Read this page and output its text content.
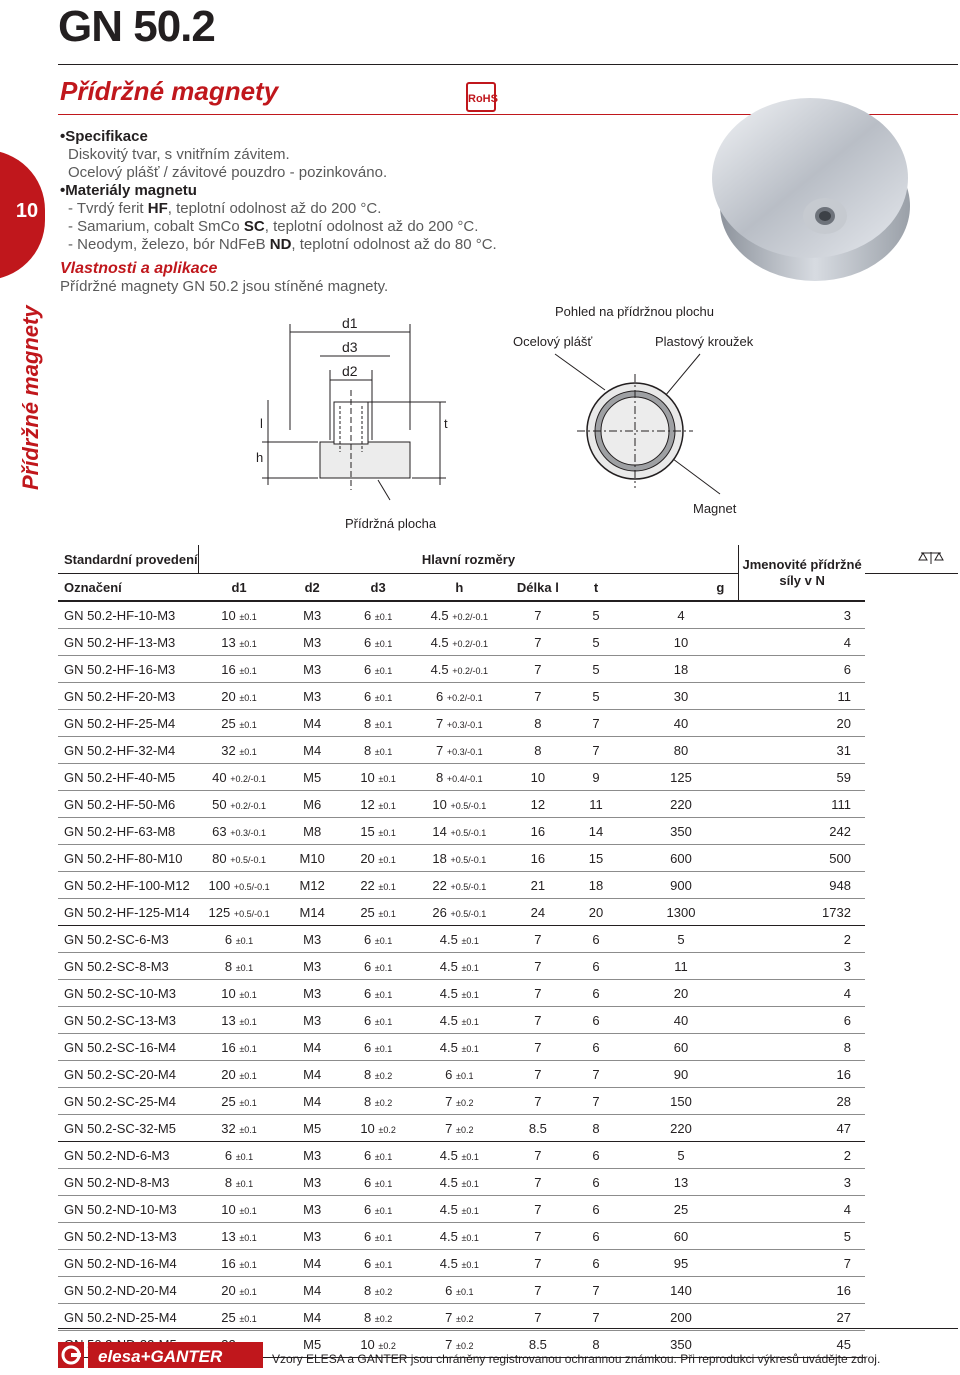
GN 50.2
Přídržné magnety	RoHS
10
Přídržné magnety
•Specifikace
Diskovitý tvar, s vnitřním závitem.
Ocelový plášť / závitové pouzdro - pozinkováno.
•Materiály magnetu
- Tvrdý ferit HF, teplotní odolnost až do 200 °C.
- Samarium, cobalt SmCo SC, teplotní odolnost až do 200 °C.
- Neodym, železo, bór NdFeB ND, teplotní odolnost až do 80 °C.
Vlastnosti a aplikace
Přídržné magnety GN 50.2 jsou stíněné magnety.
d1
d3
d2
h
l	t
Přídržná plocha
Pohled na přídržnou plochu
Ocelový plášť	Plastový kroužek
Magnet
Standardní provedení	Hlavní rozměry							Jmenovité přídržné síly v N	
Označení	d1	d2	d3	h	Délka l	t	g		
GN 50.2-HF-10-M3	10 ±0.1	M3	6 ±0.1	4.5 +0.2/-0.1	7	5	4	3	
GN 50.2-HF-13-M3	13 ±0.1	M3	6 ±0.1	4.5 +0.2/-0.1	7	5	10	4	
GN 50.2-HF-16-M3	16 ±0.1	M3	6 ±0.1	4.5 +0.2/-0.1	7	5	18	6	
GN 50.2-HF-20-M3	20 ±0.1	M3	6 ±0.1	6 +0.2/-0.1	7	5	30	11	
GN 50.2-HF-25-M4	25 ±0.1	M4	8 ±0.1	7 +0.3/-0.1	8	7	40	20	
GN 50.2-HF-32-M4	32 ±0.1	M4	8 ±0.1	7 +0.3/-0.1	8	7	80	31	
GN 50.2-HF-40-M5	40 +0.2/-0.1	M5	10 ±0.1	8 +0.4/-0.1	10	9	125	59	
GN 50.2-HF-50-M6	50 +0.2/-0.1	M6	12 ±0.1	10 +0.5/-0.1	12	11	220	111	
GN 50.2-HF-63-M8	63 +0.3/-0.1	M8	15 ±0.1	14 +0.5/-0.1	16	14	350	242	
GN 50.2-HF-80-M10	80 +0.5/-0.1	M10	20 ±0.1	18 +0.5/-0.1	16	15	600	500	
GN 50.2-HF-100-M12	100 +0.5/-0.1	M12	22 ±0.1	22 +0.5/-0.1	21	18	900	948	
GN 50.2-HF-125-M14	125 +0.5/-0.1	M14	25 ±0.1	26 +0.5/-0.1	24	20	1300	1732	
GN 50.2-SC-6-M3	6 ±0.1	M3	6 ±0.1	4.5 ±0.1	7	6	5	2	
GN 50.2-SC-8-M3	8 ±0.1	M3	6 ±0.1	4.5 ±0.1	7	6	11	3	
GN 50.2-SC-10-M3	10 ±0.1	M3	6 ±0.1	4.5 ±0.1	7	6	20	4	
GN 50.2-SC-13-M3	13 ±0.1	M3	6 ±0.1	4.5 ±0.1	7	6	40	6	
GN 50.2-SC-16-M4	16 ±0.1	M4	6 ±0.1	4.5 ±0.1	7	6	60	8	
GN 50.2-SC-20-M4	20 ±0.1	M4	8 ±0.2	6 ±0.1	7	7	90	16	
GN 50.2-SC-25-M4	25 ±0.1	M4	8 ±0.2	7 ±0.2	7	7	150	28	
GN 50.2-SC-32-M5	32 ±0.1	M5	10 ±0.2	7 ±0.2	8.5	8	220	47	
GN 50.2-ND-6-M3	6 ±0.1	M3	6 ±0.1	4.5 ±0.1	7	6	5	2	
GN 50.2-ND-8-M3	8 ±0.1	M3	6 ±0.1	4.5 ±0.1	7	6	13	3	
GN 50.2-ND-10-M3	10 ±0.1	M3	6 ±0.1	4.5 ±0.1	7	6	25	4	
GN 50.2-ND-13-M3	13 ±0.1	M3	6 ±0.1	4.5 ±0.1	7	6	60	5	
GN 50.2-ND-16-M4	16 ±0.1	M4	6 ±0.1	4.5 ±0.1	7	6	95	7	
GN 50.2-ND-20-M4	20 ±0.1	M4	8 ±0.2	6 ±0.1	7	7	140	16	
GN 50.2-ND-25-M4	25 ±0.1	M4	8 ±0.2	7 ±0.2	7	7	200	27	
		M5	10 ±0.2	7 ±0.2	8.5	8	350	45	
elesa+GANTER	Vzory ELESA a GANTER jsou chráněny registrovanou ochrannou známkou. Při reprodukci výkresů uvádějte zdroj.
